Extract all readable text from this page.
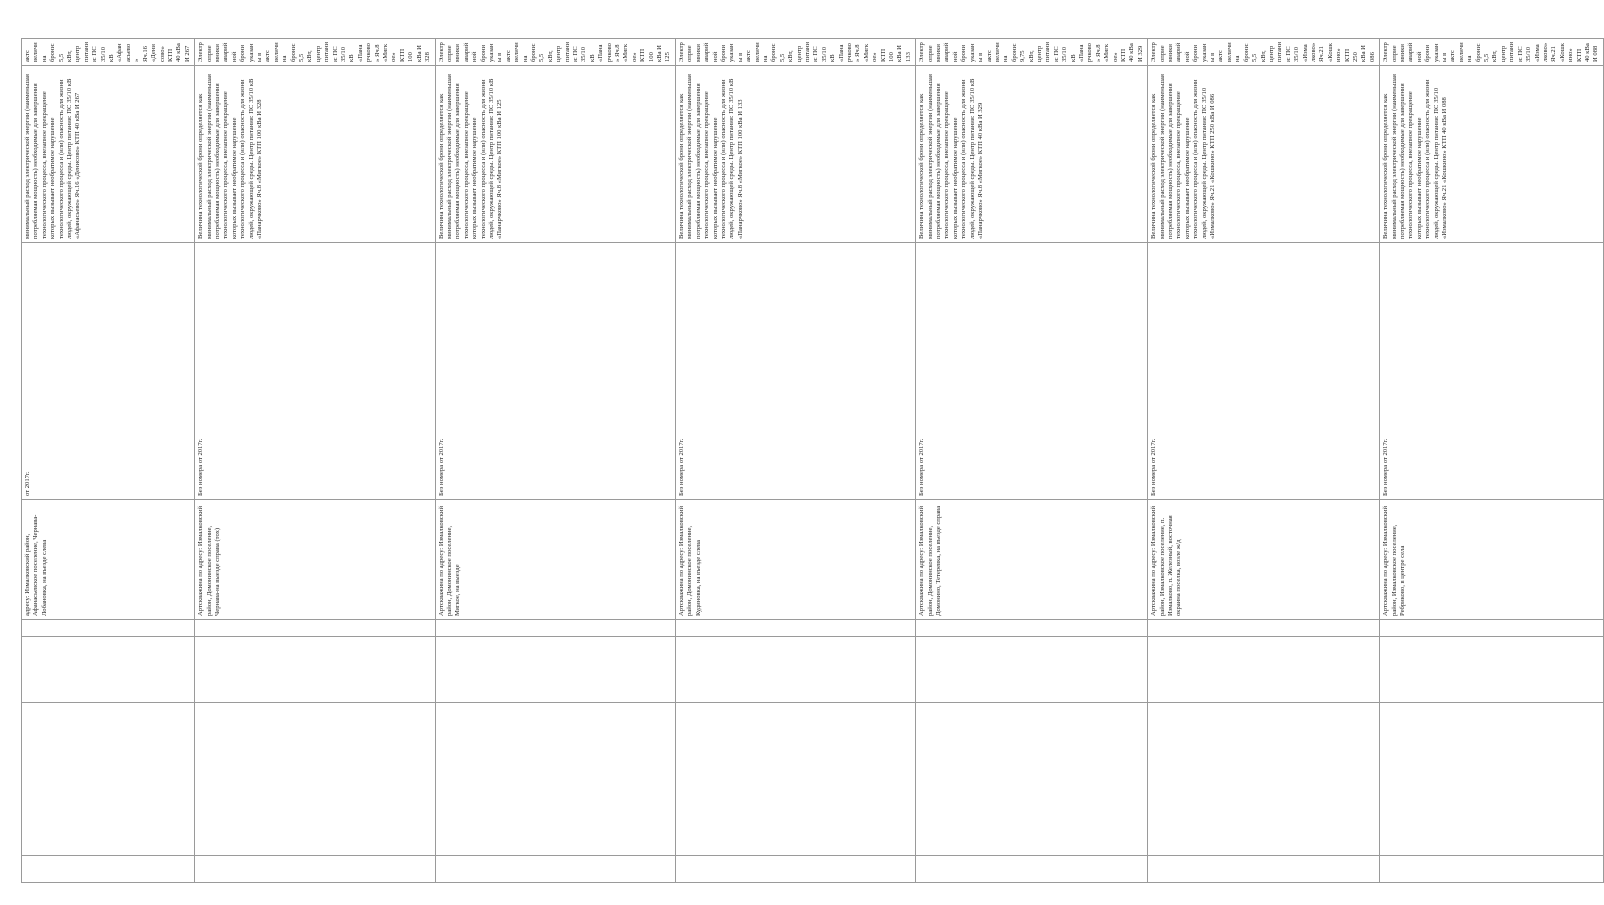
				адресу: Измалковский район, Афанасьевское поселение, Чернава-Лобановка, на въезде слева	от 2017г.	минимальный расход электрической энергии (наименьшая потребляемая мощность) необходимые для завершения технологического процесса, внезапное прекращение которых вызывает необратимое нарушение технологического процесса и (или) опасность для жизни людей, окружающей среды. Центр питания: ПС 35/10 кВ «Афанасьево» Яч.16 «Денисово» КТП 40 кВа И 267	актс величина брони: 5,5 кВт, центр питания: ПС 35/10 кВ «Афанасьево» Яч.16 «Денисово» КТП 40 кВа И 267
				Артскважина по адресу: Измалковский район, Домонинское поселение, Чернава-на выезде справа (тох)	Без номера от 2017г.	Величина технологической брони определяется как минимальный расход электрической энергии (наименьшая потребляемая мощность) необходимые для завершения технологического процесса, внезапное прекращение которых вызывает необратимое нарушение технологического процесса и (или) опасность для жизни людей, окружающей среды. Центр питания: ПС 35/10 кВ «Панарчково» Яч.8 «Мягкое» КТП 100 кВа И 328	Электроприемники аварийной брони указаны в актс величина брони: 5,5 кВт, центр питания: ПС 35/10 кВ «Панарчково» Яч.8 «Мягкое» КТП 100 кВа И 328
				Артскважина по адресу: Измалковский район, Домонинское поселение, Мягкое, на выезде	Без номера от 2017г.	Величина технологической брони определяется как минимальный расход электрической энергии (наименьшая потребляемая мощность) необходимые для завершения технологического процесса, внезапное прекращение которых вызывает необратимое нарушение технологического процесса и (или) опасность для жизни людей, окружающей среды. Центр питания: ПС 35/10 кВ «Панарчково» Яч.8 «Мягкое» КТП 100 кВа И 125	Электроприемники аварийной брони указаны в актс величина брони: 5,5 кВт, центр питания: ПС 35/10 кВ «Панарчково» Яч.8 «Мягкое» КТП 100 кВа И 125
				Артскважина по адресу: Измалковский район, Домонинское поселение, Кудиновка, на въезде слева	Без номера от 2017г.	Величина технологической брони определяется как минимальный расход электрической энергии (наименьшая потребляемая мощность) необходимые для завершения технологического процесса, внезапное прекращение которых вызывает необратимое нарушение технологического процесса и (или) опасность для жизни людей, окружающей среды. Центр питания: ПС 35/10 кВ «Панарчково» Яч.8 «Мягкое» КТП 100 кВа И 133	Электроприемники аварийной брони указаны в актс величина брони: 5,5 кВт, центр питания: ПС 35/10 кВ «Панарчково» Яч.8 «Мягкое» КТП 100 кВа И 133
				Артскважина по адресу: Измалковский район, Домонинское поселение, Домонино, Тетеревка, на въезде справа	Без номера от 2017г.	Величина технологической брони определяется как минимальный расход электрической энергии (наименьшая потребляемая мощность) необходимые для завершения технологического процесса, внезапное прекращение которых вызывает необратимое нарушение технологического процесса и (или) опасность для жизни людей, окружающей среды. Центр питания: ПС 35/10 кВ «Панарчково» Яч.8 «Мягкое» КТП 40 кВа И 329	Электроприемники аварийной брони указаны в актс величина брони: 9,75 кВт, центр питания: ПС 35/10 кВ «Панарчково» Яч.8 «Мягкое» КТП 40 кВа И 329
				Артскважина по адресу: Измалковский район, Измалковское поселение, п. Измалково, п. Железный, восточная окраина поселка, возле ж/д	Без номера от 2017г.	Величина технологической брони определяется как минимальный расход электрической энергии (наименьшая потребляемая мощность) необходимые для завершения технологического процесса, внезапное прекращение которых вызывает необратимое нарушение технологического процесса и (или) опасность для жизни людей, окружающей среды. Центр питания: ПС 35/10 «Измалково» Яч.21 «Кошкино» КТП 250 кВа И 086	Электроприемники аварийной брони указаны в актс величина брони: 5,5 кВт, центр питания: ПС 35/10 «Измалково» Яч.21 «Кошкино» КТП 250 кВа И 086
				Артскважина по адресу: Измалковский район, Измалковское поселение, Ребриково, в центре села	Без номера от 2017г.	Величина технологической брони определяется как минимальный расход электрической энергии (наименьшая потребляемая мощность) необходимые для завершения технологического процесса, внезапное прекращение которых вызывает необратимое нарушение технологического процесса и (или) опасность для жизни людей, окружающей среды. Центр питания: ПС 35/10 «Измалково» Яч.21 «Кошкино» КТП 40 кВа И 088	Электроприемники аварийной брони указаны в актс величина брони: 5,5 кВт, центр питания: ПС 35/10 «Измалково» Яч.21 «Кошкино» КТП 40 кВа И 088
